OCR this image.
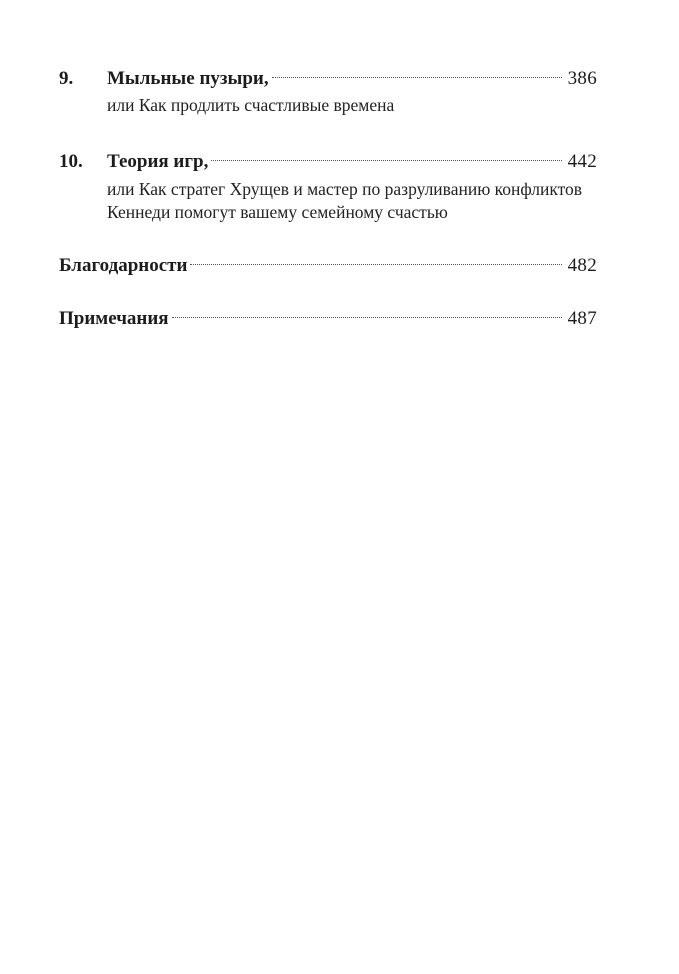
9.	Мыльные пузыри,	386
или Как продлить счастливые времена
10.	Теория игр,	442
или Как стратег Хрущев и мастер по разруливанию конфликтов Кеннеди помогут вашему семейному счастью
Благодарности	482
Примечания	487
